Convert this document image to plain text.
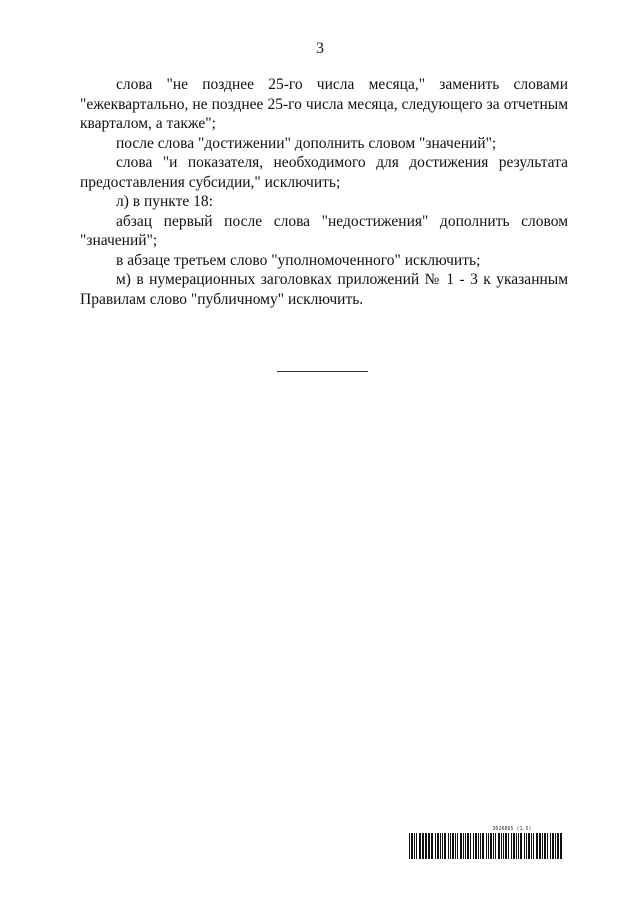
3

слова "не позднее 25-го числа месяца," заменить словами "ежеквартально, не позднее 25-го числа месяца, следующего за отчетным кварталом, а также";

после слова "достижении" дополнить словом "значений";

слова "и показателя, необходимого для достижения результата предоставления субсидии," исключить;

л) в пункте 18:

абзац первый после слова "недостижения" дополнить словом "значений";

в абзаце третьем слово "уполномоченного" исключить;

м) в нумерационных заголовках приложений № 1 - 3 к указанным Правилам слово "публичному" исключить.

3626865 (1.5)
